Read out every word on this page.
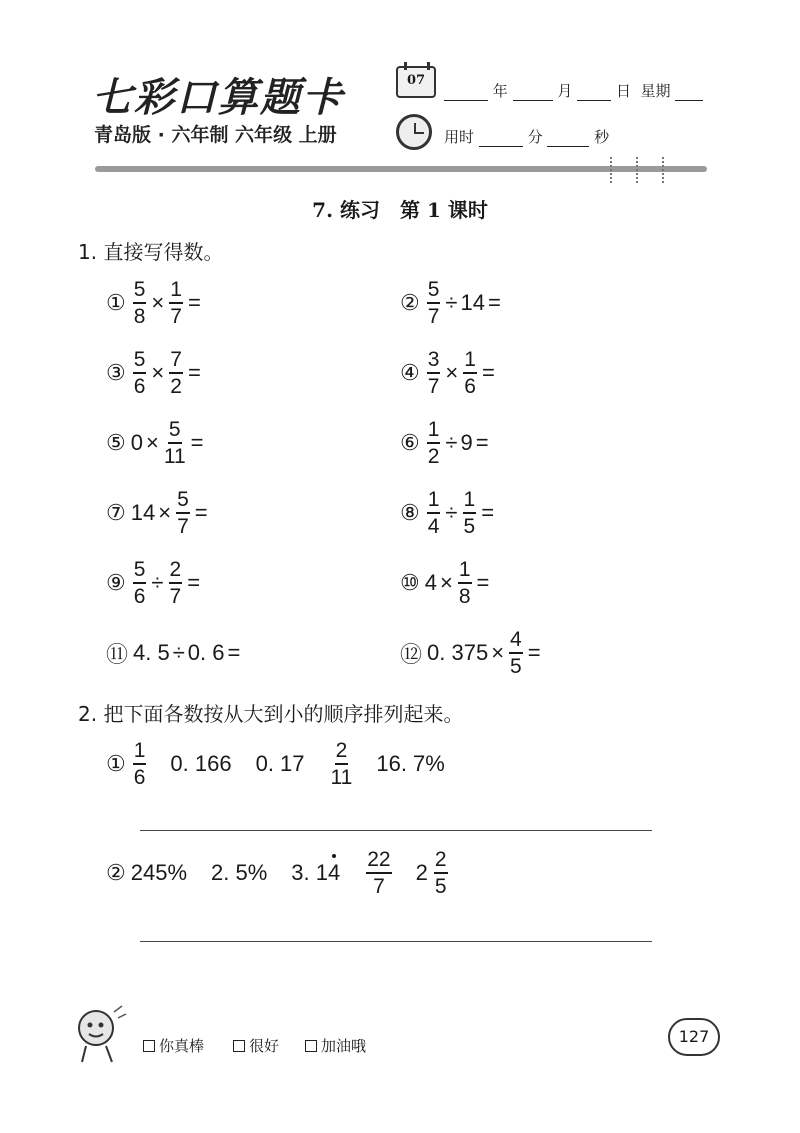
七彩口算题卡
青岛版 · 六年制 六年级 上册
07
年	月	日 星期
用时	分	秒
7. 练习　第 1 课时
1. 直接写得数。
① $\frac{5}{8} \times \frac{1}{7}$ =	② $\frac{5}{7} \div 14$ =
③ $\frac{5}{6} \times \frac{7}{2}$ =	④ $\frac{3}{7} \times \frac{1}{6}$ =
⑤ $0 \times \frac{5}{11}$ =	⑥ $\frac{1}{2} \div 9$ =
⑦ $14 \times \frac{5}{7}$ =	⑧ $\frac{1}{4} \div \frac{1}{5}$ =
⑨ $\frac{5}{6} \div \frac{2}{7}$ =	⑩ $4 \times \frac{1}{8}$ =
⑪ 4. 5 ÷ 0. 6 =	⑫ 0. $375 \times \frac{4}{5}$ =
2. 把下面各数按从大到小的顺序排列起来。
① $\frac{1}{6} 0$. 166 0. $17 \frac{2}{11} 16$. 7%
② 245% 2. 5% 3. $14 \frac{22}{7} 2 \frac{2}{5}$
你真棒	很好	加油哦	127
